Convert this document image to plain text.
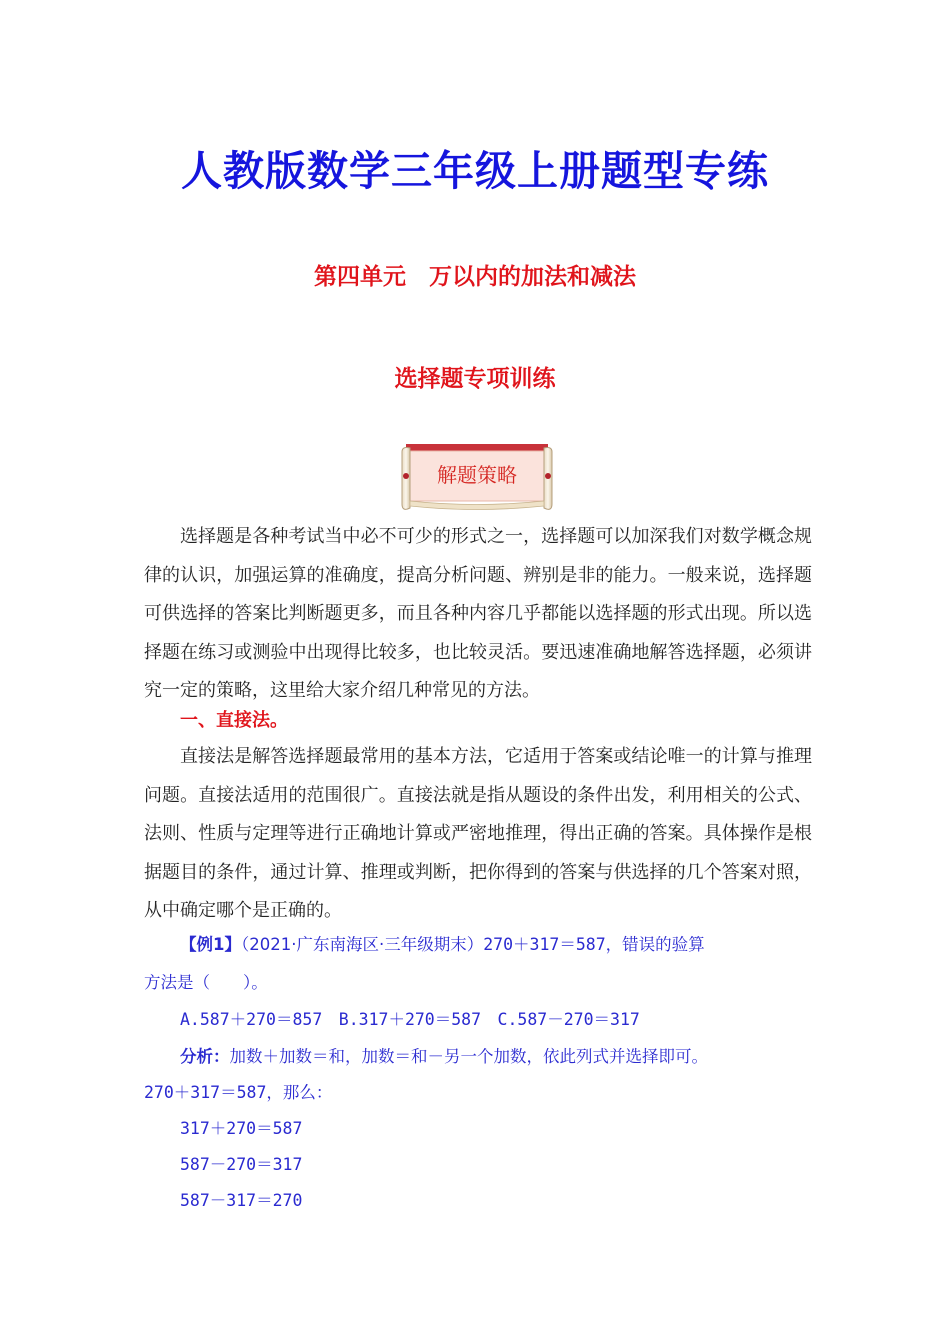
人教版数学三年级上册题型专练
第四单元　万以内的加法和减法
选择题专项训练
解题策略
选择题是各种考试当中必不可少的形式之一，选择题可以加深我们对数学概念规律的认识，加强运算的准确度，提高分析问题、辨别是非的能力。一般来说，选择题可供选择的答案比判断题更多，而且各种内容几乎都能以选择题的形式出现。所以选择题在练习或测验中出现得比较多，也比较灵活。要迅速准确地解答选择题，必须讲究一定的策略，这里给大家介绍几种常见的方法。
一、直接法。
直接法是解答选择题最常用的基本方法，它适用于答案或结论唯一的计算与推理问题。直接法适用的范围很广。直接法就是指从题设的条件出发，利用相关的公式、法则、性质与定理等进行正确地计算或严密地推理，得出正确的答案。具体操作是根据题目的条件，通过计算、推理或判断，把你得到的答案与供选择的几个答案对照，从中确定哪个是正确的。
【例1】（2021·广东南海区·三年级期末）270＋317＝587，错误的验算
方法是（　　）。
A.587＋270＝857　B.317＋270＝587　C.587－270＝317
分析：加数＋加数＝和，加数＝和－另一个加数，依此列式并选择即可。
270＋317＝587，那么：
317＋270＝587
587－270＝317
587－317＝270
